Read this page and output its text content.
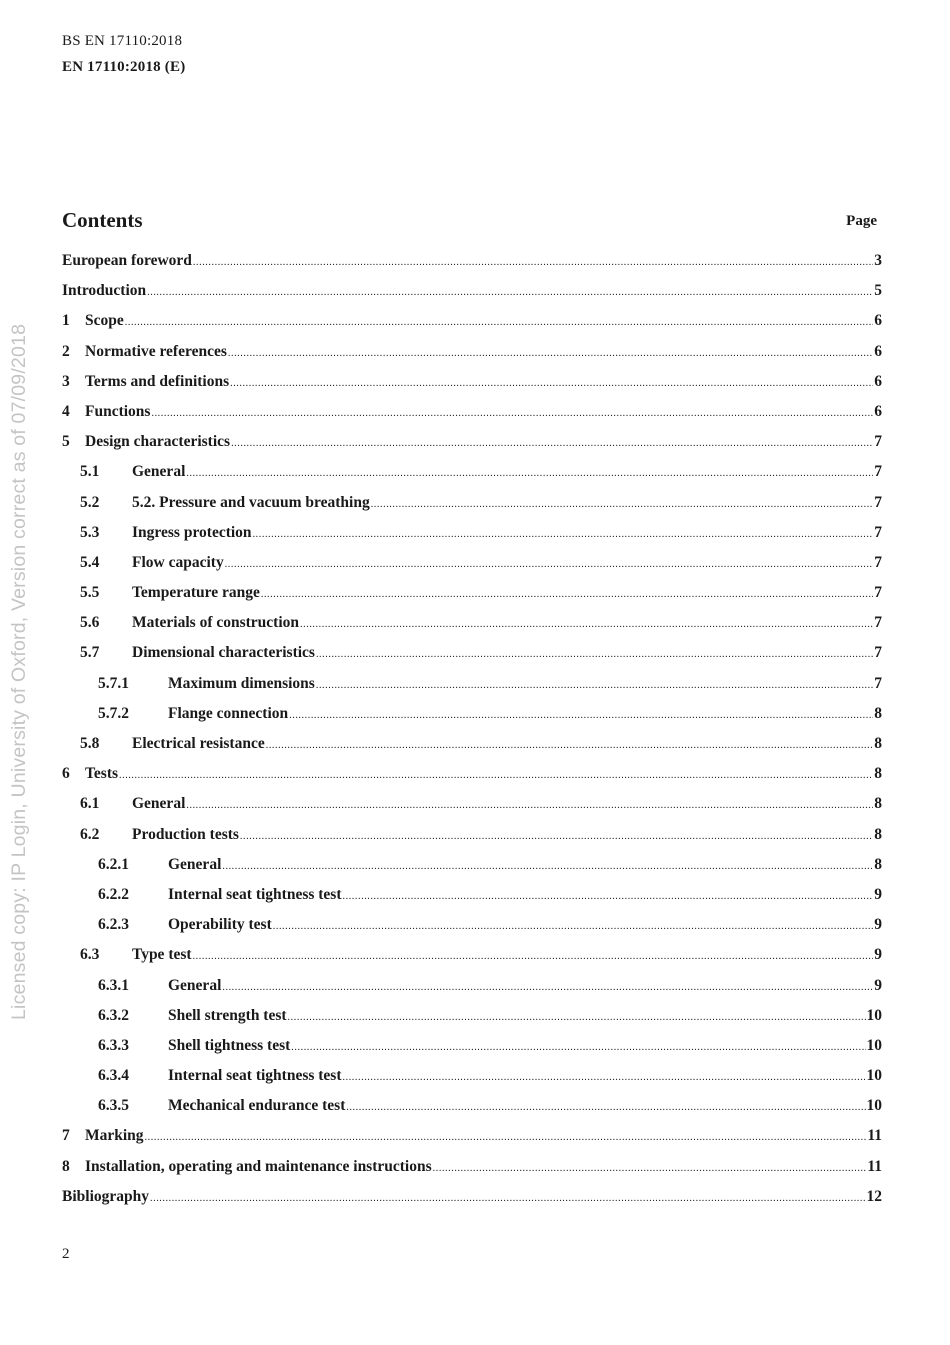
BS EN 17110:2018
EN 17110:2018 (E)
Contents	Page
European foreword .....	3
Introduction .....	5
1 Scope .....	6
2 Normative references .....	6
3 Terms and definitions .....	6
4 Functions .....	6
5 Design characteristics .....	7
5.1	General .....	7
5.2	5.2. Pressure and vacuum breathing .....	7
5.3	Ingress protection .....	7
5.4	Flow capacity .....	7
5.5	Temperature range .....	7
5.6	Materials of construction .....	7
5.7	Dimensional characteristics .....	7
5.7.1	Maximum dimensions .....	7
5.7.2	Flange connection .....	8
5.8	Electrical resistance .....	8
6 Tests .....	8
6.1	General .....	8
6.2	Production tests .....	8
6.2.1	General .....	8
6.2.2	Internal seat tightness test .....	9
6.2.3	Operability test .....	9
6.3	Type test .....	9
6.3.1	General .....	9
6.3.2	Shell strength test .....	10
6.3.3	Shell tightness test .....	10
6.3.4	Internal seat tightness test .....	10
6.3.5	Mechanical endurance test .....	10
7 Marking .....	11
8 Installation, operating and maintenance instructions .....	11
Bibliography .....	12
2
Licensed copy: IP Login, University of Oxford, Version correct as of 07/09/2018
